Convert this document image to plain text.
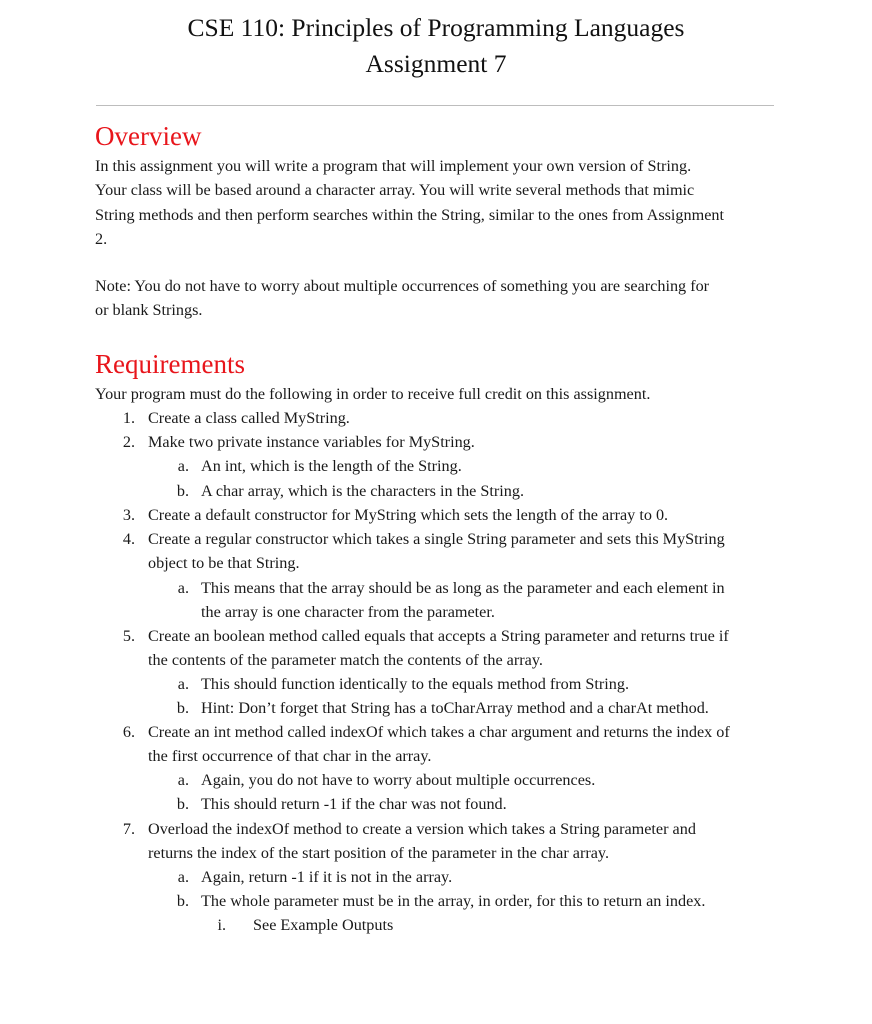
CSE 110: Principles of Programming Languages
Assignment 7
Overview
In this assignment you will write a program that will implement your own version of String.
Your class will be based around a character array. You will write several methods that mimic
String methods and then perform searches within the String, similar to the ones from Assignment
2.
Note: You do not have to worry about multiple occurrences of something you are searching for
or blank Strings.
Requirements
Your program must do the following in order to receive full credit on this assignment.
1. Create a class called MyString.
2. Make two private instance variables for MyString.
a. An int, which is the length of the String.
b. A char array, which is the characters in the String.
3. Create a default constructor for MyString which sets the length of the array to 0.
4. Create a regular constructor which takes a single String parameter and sets this MyString
object to be that String.
a. This means that the array should be as long as the parameter and each element in
the array is one character from the parameter.
5. Create an boolean method called equals that accepts a String parameter and returns true if
the contents of the parameter match the contents of the array.
a. This should function identically to the equals method from String.
b. Hint: Don’t forget that String has a toCharArray method and a charAt method.
6. Create an int method called indexOf which takes a char argument and returns the index of
the first occurrence of that char in the array.
a. Again, you do not have to worry about multiple occurrences.
b. This should return -1 if the char was not found.
7. Overload the indexOf method to create a version which takes a String parameter and
returns the index of the start position of the parameter in the char array.
a. Again, return -1 if it is not in the array.
b. The whole parameter must be in the array, in order, for this to return an index.
i. See Example Outputs
